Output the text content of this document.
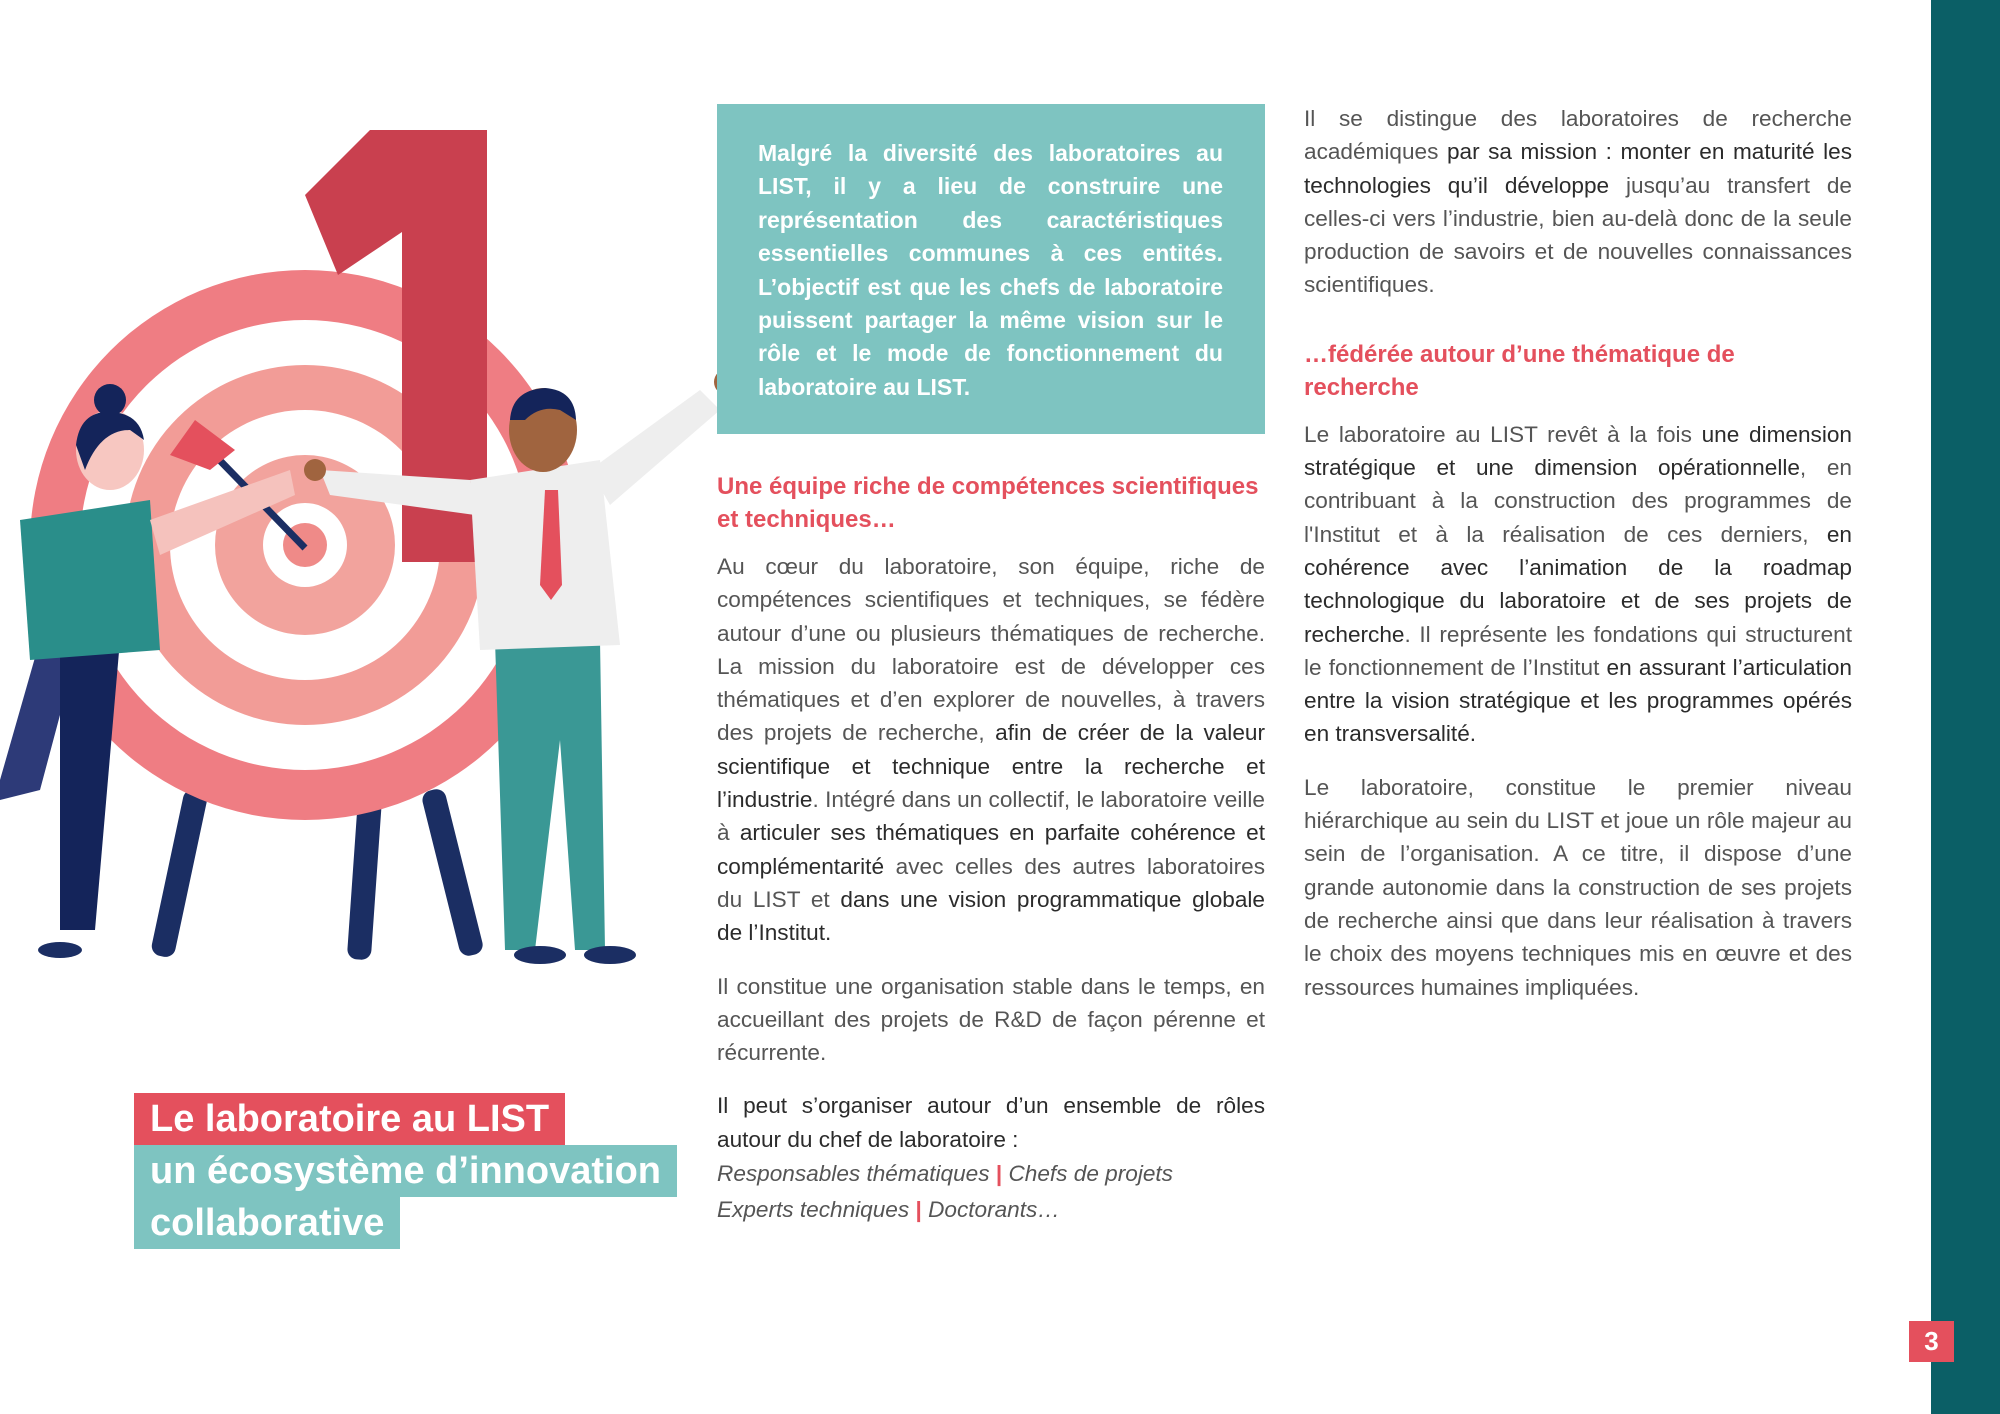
3
Le laboratoire au LIST
un écosystème d’innovation
collaborative
Malgré la diversité des laboratoires au LIST, il y a lieu de construire une représentation des caractéristiques essentielles communes à ces entités. L’objectif est que les chefs de laboratoire puissent partager la même vision sur le rôle et le mode de fonctionnement du laboratoire au LIST.

Une équipe riche de compétences scientifiques et techniques…

Au cœur du laboratoire, son équipe, riche de compétences scientifiques et techniques, se fédère autour d’une ou plusieurs thématiques de recherche. La mission du laboratoire est de développer ces thématiques et d’en explorer de nouvelles, à travers des projets de recherche, afin de créer de la valeur scientifique et technique entre la recherche et l’industrie. Intégré dans un collectif, le laboratoire veille à articuler ses thématiques en parfaite cohérence et complémentarité avec celles des autres laboratoires du LIST et dans une vision programmatique globale de l’Institut.

Il constitue une organisation stable dans le temps, en accueillant des projets de R&D de façon pérenne et récurrente.

Il peut s’organiser autour d’un ensemble de rôles autour du chef de laboratoire :

Responsables thématiques | Chefs de projets
Experts techniques | Doctorants…

Il se distingue des laboratoires de recherche académiques par sa mission : monter en maturité les technologies qu’il développe jusqu’au transfert de celles-ci vers l’industrie, bien au-delà donc de la seule production de savoirs et de nouvelles connaissances scientifiques.

…fédérée autour d’une thématique de recherche

Le laboratoire au LIST revêt à la fois une dimension stratégique et une dimension opérationnelle, en contribuant à la construction des programmes de l'Institut et à la réalisation de ces derniers, en cohérence avec l’animation de la roadmap technologique du laboratoire et de ses projets de recherche. Il représente les fondations qui structurent le fonctionnement de l’Institut en assurant l’articulation entre la vision stratégique et les programmes opérés en transversalité.

Le laboratoire, constitue le premier niveau hiérarchique au sein du LIST et joue un rôle majeur au sein de l’organisation. A ce titre, il dispose d’une grande autonomie dans la construction de ses projets de recherche ainsi que dans leur réalisation à travers le choix des moyens techniques mis en œuvre et des ressources humaines impliquées.
